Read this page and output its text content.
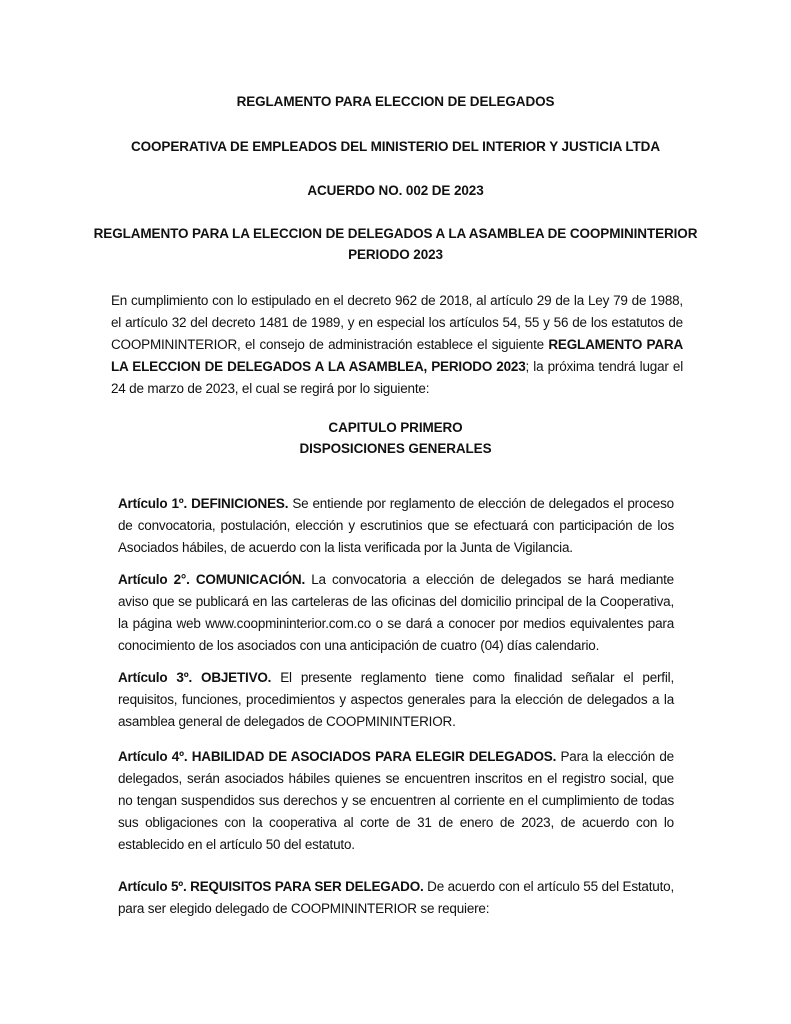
REGLAMENTO PARA ELECCION DE DELEGADOS
COOPERATIVA DE EMPLEADOS DEL MINISTERIO DEL INTERIOR Y JUSTICIA LTDA
ACUERDO NO. 002 DE 2023
REGLAMENTO PARA LA ELECCION DE DELEGADOS A LA ASAMBLEA DE COOPMININTERIOR
PERIODO 2023
En cumplimiento con lo estipulado en el decreto 962 de 2018, al artículo 29 de la Ley 79 de 1988, el artículo 32 del decreto 1481 de 1989, y en especial los artículos 54, 55 y 56 de los estatutos de COOPMININTERIOR, el consejo de administración establece el siguiente REGLAMENTO PARA LA ELECCION DE DELEGADOS A LA ASAMBLEA, PERIODO 2023; la próxima tendrá lugar el 24 de marzo de 2023, el cual se regirá por lo siguiente:
CAPITULO PRIMERO
DISPOSICIONES GENERALES
Artículo 1º. DEFINICIONES. Se entiende por reglamento de elección de delegados el proceso de convocatoria, postulación, elección y escrutinios que se efectuará con participación de los Asociados hábiles, de acuerdo con la lista verificada por la Junta de Vigilancia.
Artículo 2°. COMUNICACIÓN. La convocatoria a elección de delegados se hará mediante aviso que se publicará en las carteleras de las oficinas del domicilio principal de la Cooperativa, la página web www.coopmininterior.com.co o se dará a conocer por medios equivalentes para conocimiento de los asociados con una anticipación de cuatro (04) días calendario.
Artículo 3º. OBJETIVO. El presente reglamento tiene como finalidad señalar el perfil, requisitos, funciones, procedimientos y aspectos generales para la elección de delegados a la asamblea general de delegados de COOPMININTERIOR.
Artículo 4º. HABILIDAD DE ASOCIADOS PARA ELEGIR DELEGADOS. Para la elección de delegados, serán asociados hábiles quienes se encuentren inscritos en el registro social, que no tengan suspendidos sus derechos y se encuentren al corriente en el cumplimiento de todas sus obligaciones con la cooperativa al corte de 31 de enero de 2023, de acuerdo con lo establecido en el artículo 50 del estatuto.
Artículo 5º. REQUISITOS PARA SER DELEGADO. De acuerdo con el artículo 55 del Estatuto, para ser elegido delegado de COOPMININTERIOR se requiere:
